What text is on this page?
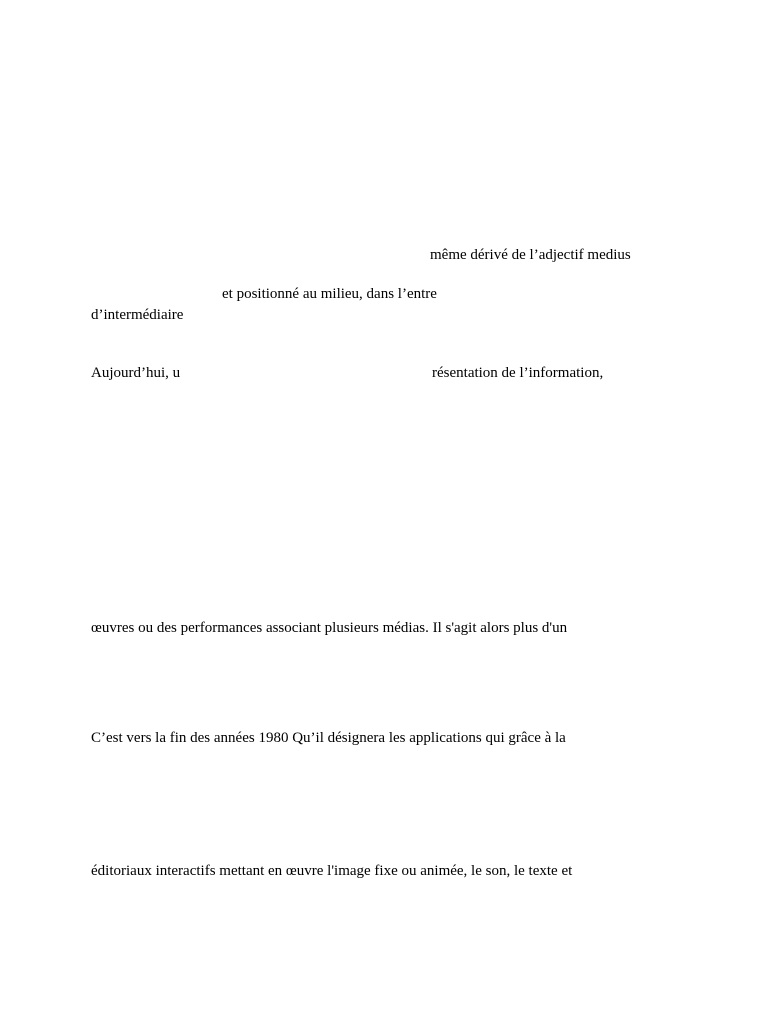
même dérivé de l’adjectif medius
et positionné au milieu, dans l’entre
d’intermédiaire
Aujourd’hui, u	résentation de l’information,
œuvres ou des performances associant plusieurs médias. Il s'agit alors plus d'un
C’est vers la fin des années 1980 Qu’il désignera les applications qui grâce à la
éditoriaux interactifs mettant en œuvre l'image fixe ou animée, le son, le texte et
